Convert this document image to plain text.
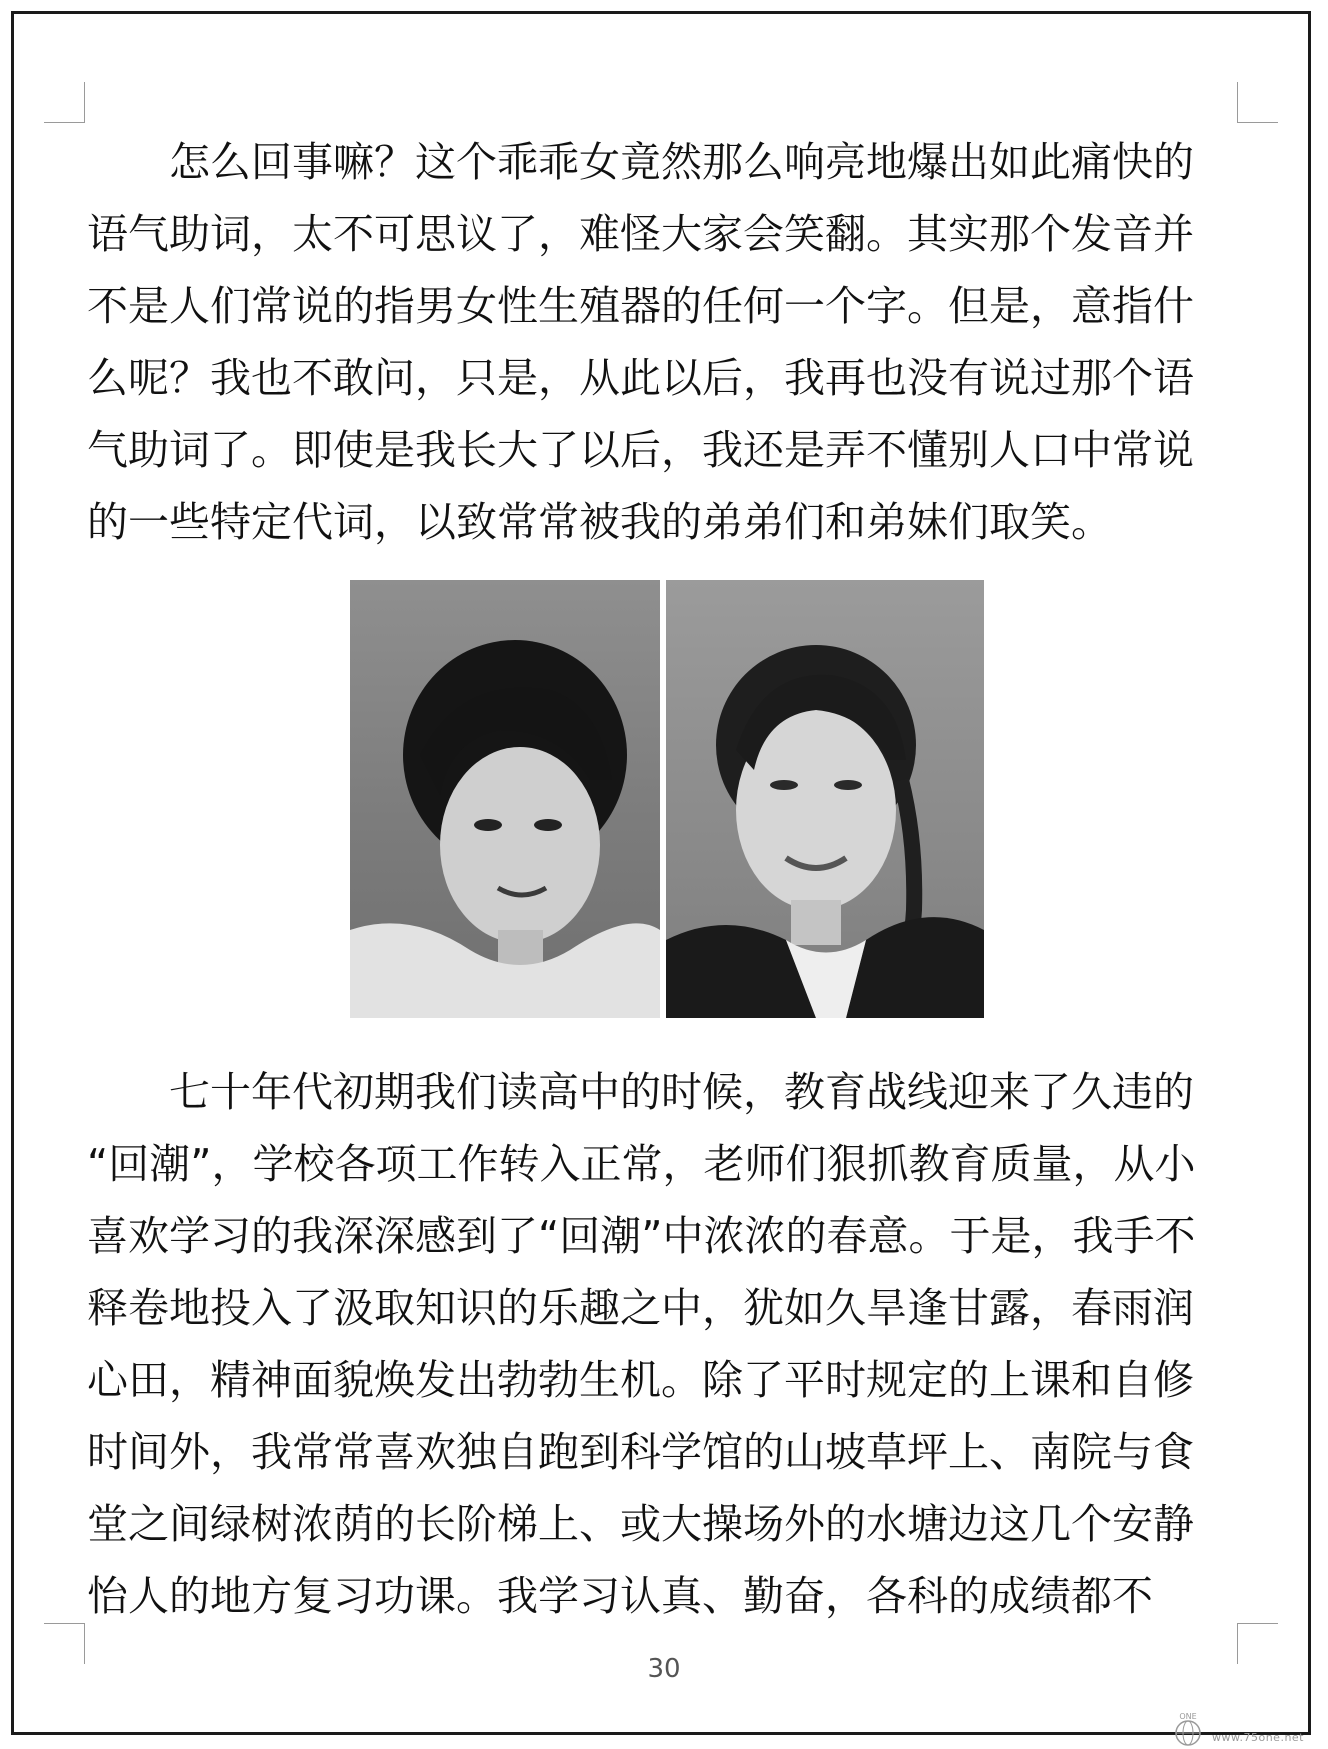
怎么回事嘛？这个乖乖女竟然那么响亮地爆出如此痛快的
语气助词，太不可思议了，难怪大家会笑翻。其实那个发音并
不是人们常说的指男女性生殖器的任何一个字。但是，意指什
么呢？我也不敢问，只是，从此以后，我再也没有说过那个语
气助词了。即使是我长大了以后，我还是弄不懂别人口中常说
的一些特定代词，以致常常被我的弟弟们和弟妹们取笑。
七十年代初期我们读高中的时候，教育战线迎来了久违的
“回潮”，学校各项工作转入正常，老师们狠抓教育质量，从小
喜欢学习的我深深感到了“回潮”中浓浓的春意。于是，我手不
释卷地投入了汲取知识的乐趣之中，犹如久旱逢甘露，春雨润
心田，精神面貌焕发出勃勃生机。除了平时规定的上课和自修
时间外，我常常喜欢独自跑到科学馆的山坡草坪上、南院与食
堂之间绿树浓荫的长阶梯上、或大操场外的水塘边这几个安静
怡人的地方复习功课。我学习认真、勤奋，各科的成绩都不
30
ONE
www.75one.net
